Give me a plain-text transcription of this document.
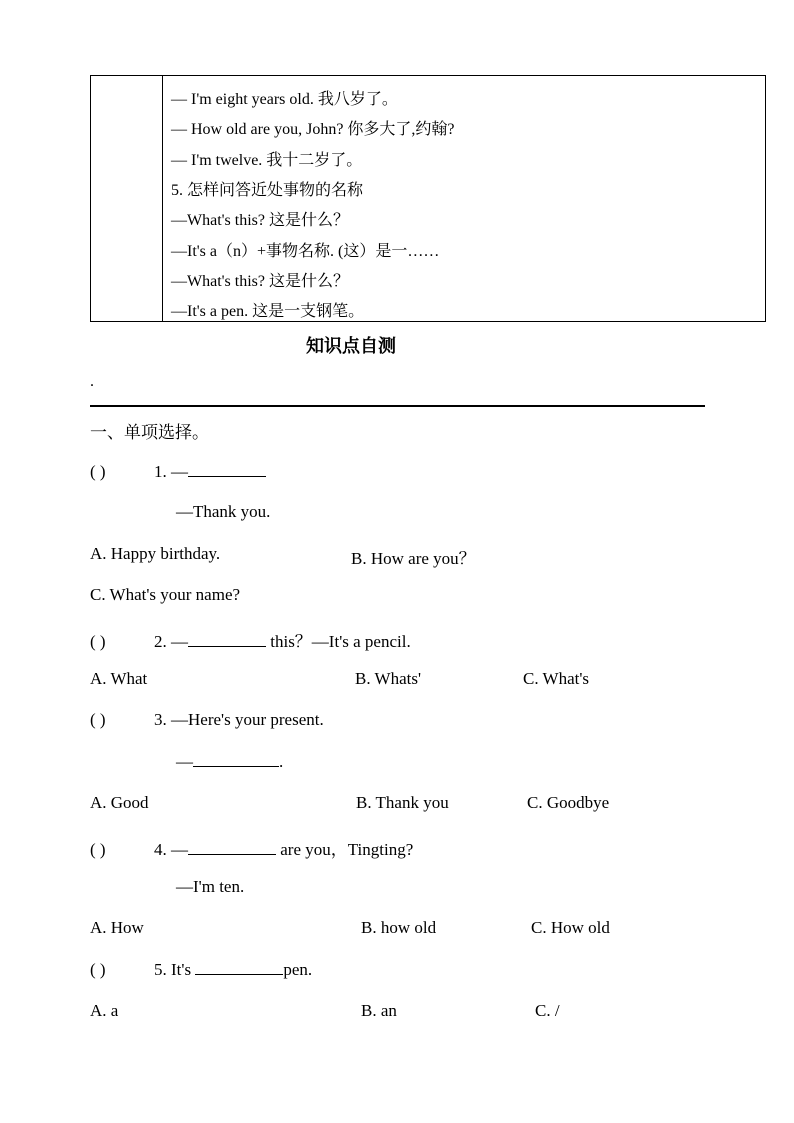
— I'm eight years old. 我八岁了。
— How old are you, John? 你多大了,约翰?
— I'm twelve. 我十二岁了。
5. 怎样问答近处事物的名称
—What's this? 这是什么？
—It's a（n）+事物名称. (这）是一……
—What's this? 这是什么？
—It's a pen. 这是一支钢笔。
知识点自测
.
一、单项选择。
( )	1. —
—Thank you.
A. Happy birthday.	B. How are you？
C. What's your name?
( )	2. —	this？—It's a pencil.
A. What	B. Whats'	C. What's
( )	3. —Here's your present.
—	.
A. Good	B. Thank you	C. Goodbye
( )	4. —	are you，Tingting?
—I'm ten.
A. How	B. how old	C. How old
( )	5. It's	pen.
A. a	B. an	C. /
